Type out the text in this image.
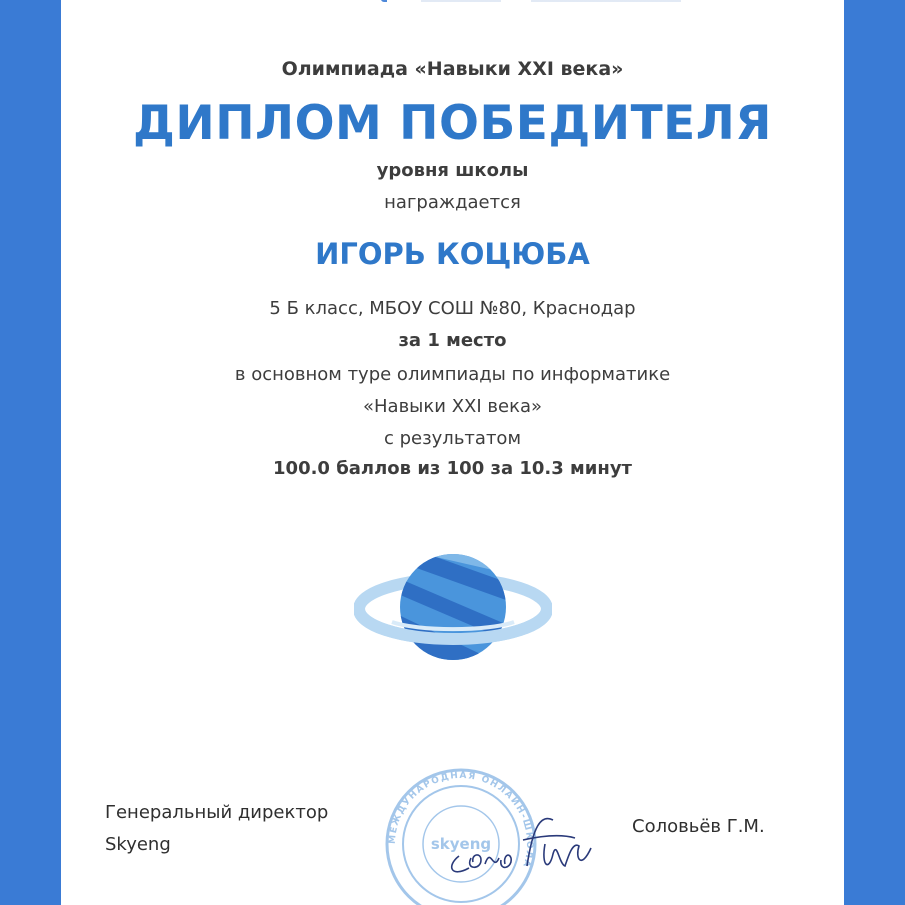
Олимпиада «Навыки XXI века»
ДИПЛОМ ПОБЕДИТЕЛЯ
уровня школы
награждается
ИГОРЬ КОЦЮБА
5 Б класс, МБОУ СОШ №80, Краснодар
за 1 место
в основном туре олимпиады по информатике
«Навыки XXI века»
с результатом
100.0 баллов из 100 за 10.3 минут
Генеральный директор
Skyeng	МЕЖДУНАРОДНАЯ ОНЛАЙН-ШКОЛА
skyeng
Соловьёв Г.М.
